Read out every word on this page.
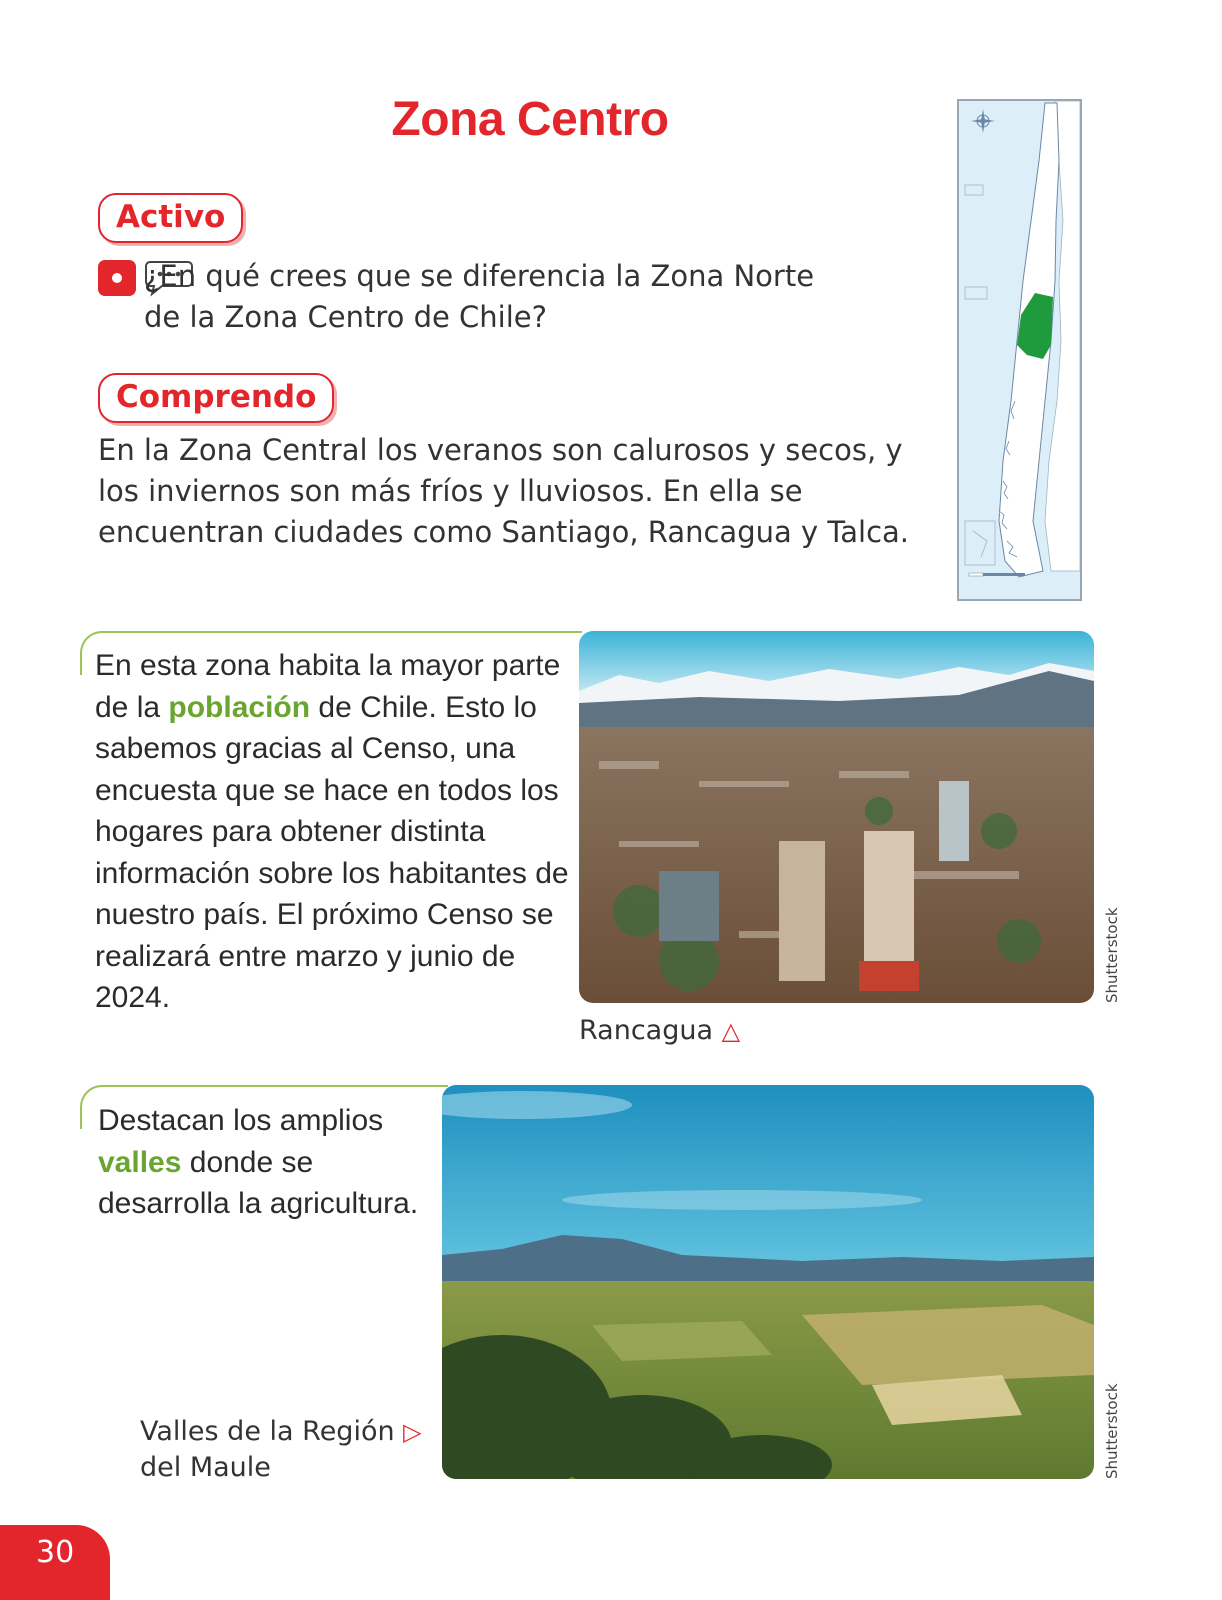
Zona Centro
Activo
¿En qué crees que se diferencia la Zona Norte
de la Zona Centro de Chile?
Comprendo
En la Zona Central los veranos son calurosos y secos, y los inviernos son más fríos y lluviosos. En ella se encuentran ciudades como Santiago, Rancagua y Talca.
En esta zona habita la mayor parte de la población de Chile. Esto lo sabemos gracias al Censo, una encuesta que se hace en todos los hogares para obtener distinta información sobre los habitantes de nuestro país. El próximo Censo se realizará entre marzo y junio de 2024.	Shutterstock
Rancagua △
Destacan los amplios valles donde se desarrolla la agricultura.
Shutterstock
Valles de la Región ▷
del Maule
30
